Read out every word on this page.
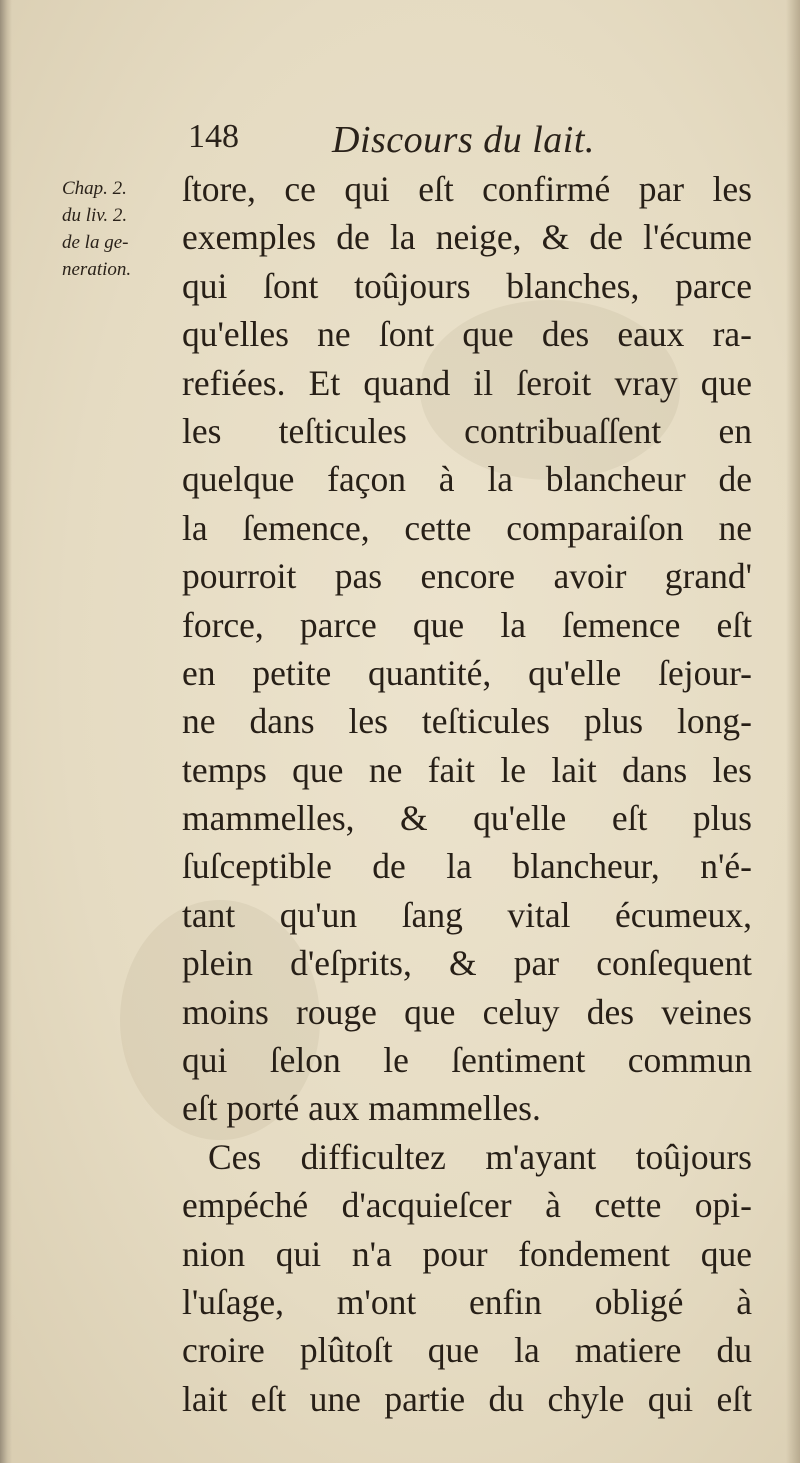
148 Discours du lait.
Chap. 2.
du liv. 2.
de la ge-
neration.
ſtore, ce qui eſt confirmé par les
exemples de la neige, & de l'écume
qui ſont toûjours blanches, parce
qu'elles ne ſont que des eaux ra-
refiées. Et quand il ſeroit vray que
les teſticules contribuaſſent en
quelque façon à la blancheur de
la ſemence, cette comparaiſon ne
pourroit pas encore avoir grand'
force, parce que la ſemence eſt
en petite quantité, qu'elle ſejour-
ne dans les teſticules plus long-
temps que ne fait le lait dans les
mammelles, & qu'elle eſt plus
ſuſceptible de la blancheur, n'é-
tant qu'un ſang vital écumeux,
plein d'eſprits, & par conſequent
moins rouge que celuy des veines
qui ſelon le ſentiment commun
eſt porté aux mammelles.
Ces difficultez m'ayant toûjours
empéché d'acquieſcer à cette opi-
nion qui n'a pour fondement que
l'uſage, m'ont enfin obligé à
croire plûtoſt que la matiere du
lait eſt une partie du chyle qui eſt
